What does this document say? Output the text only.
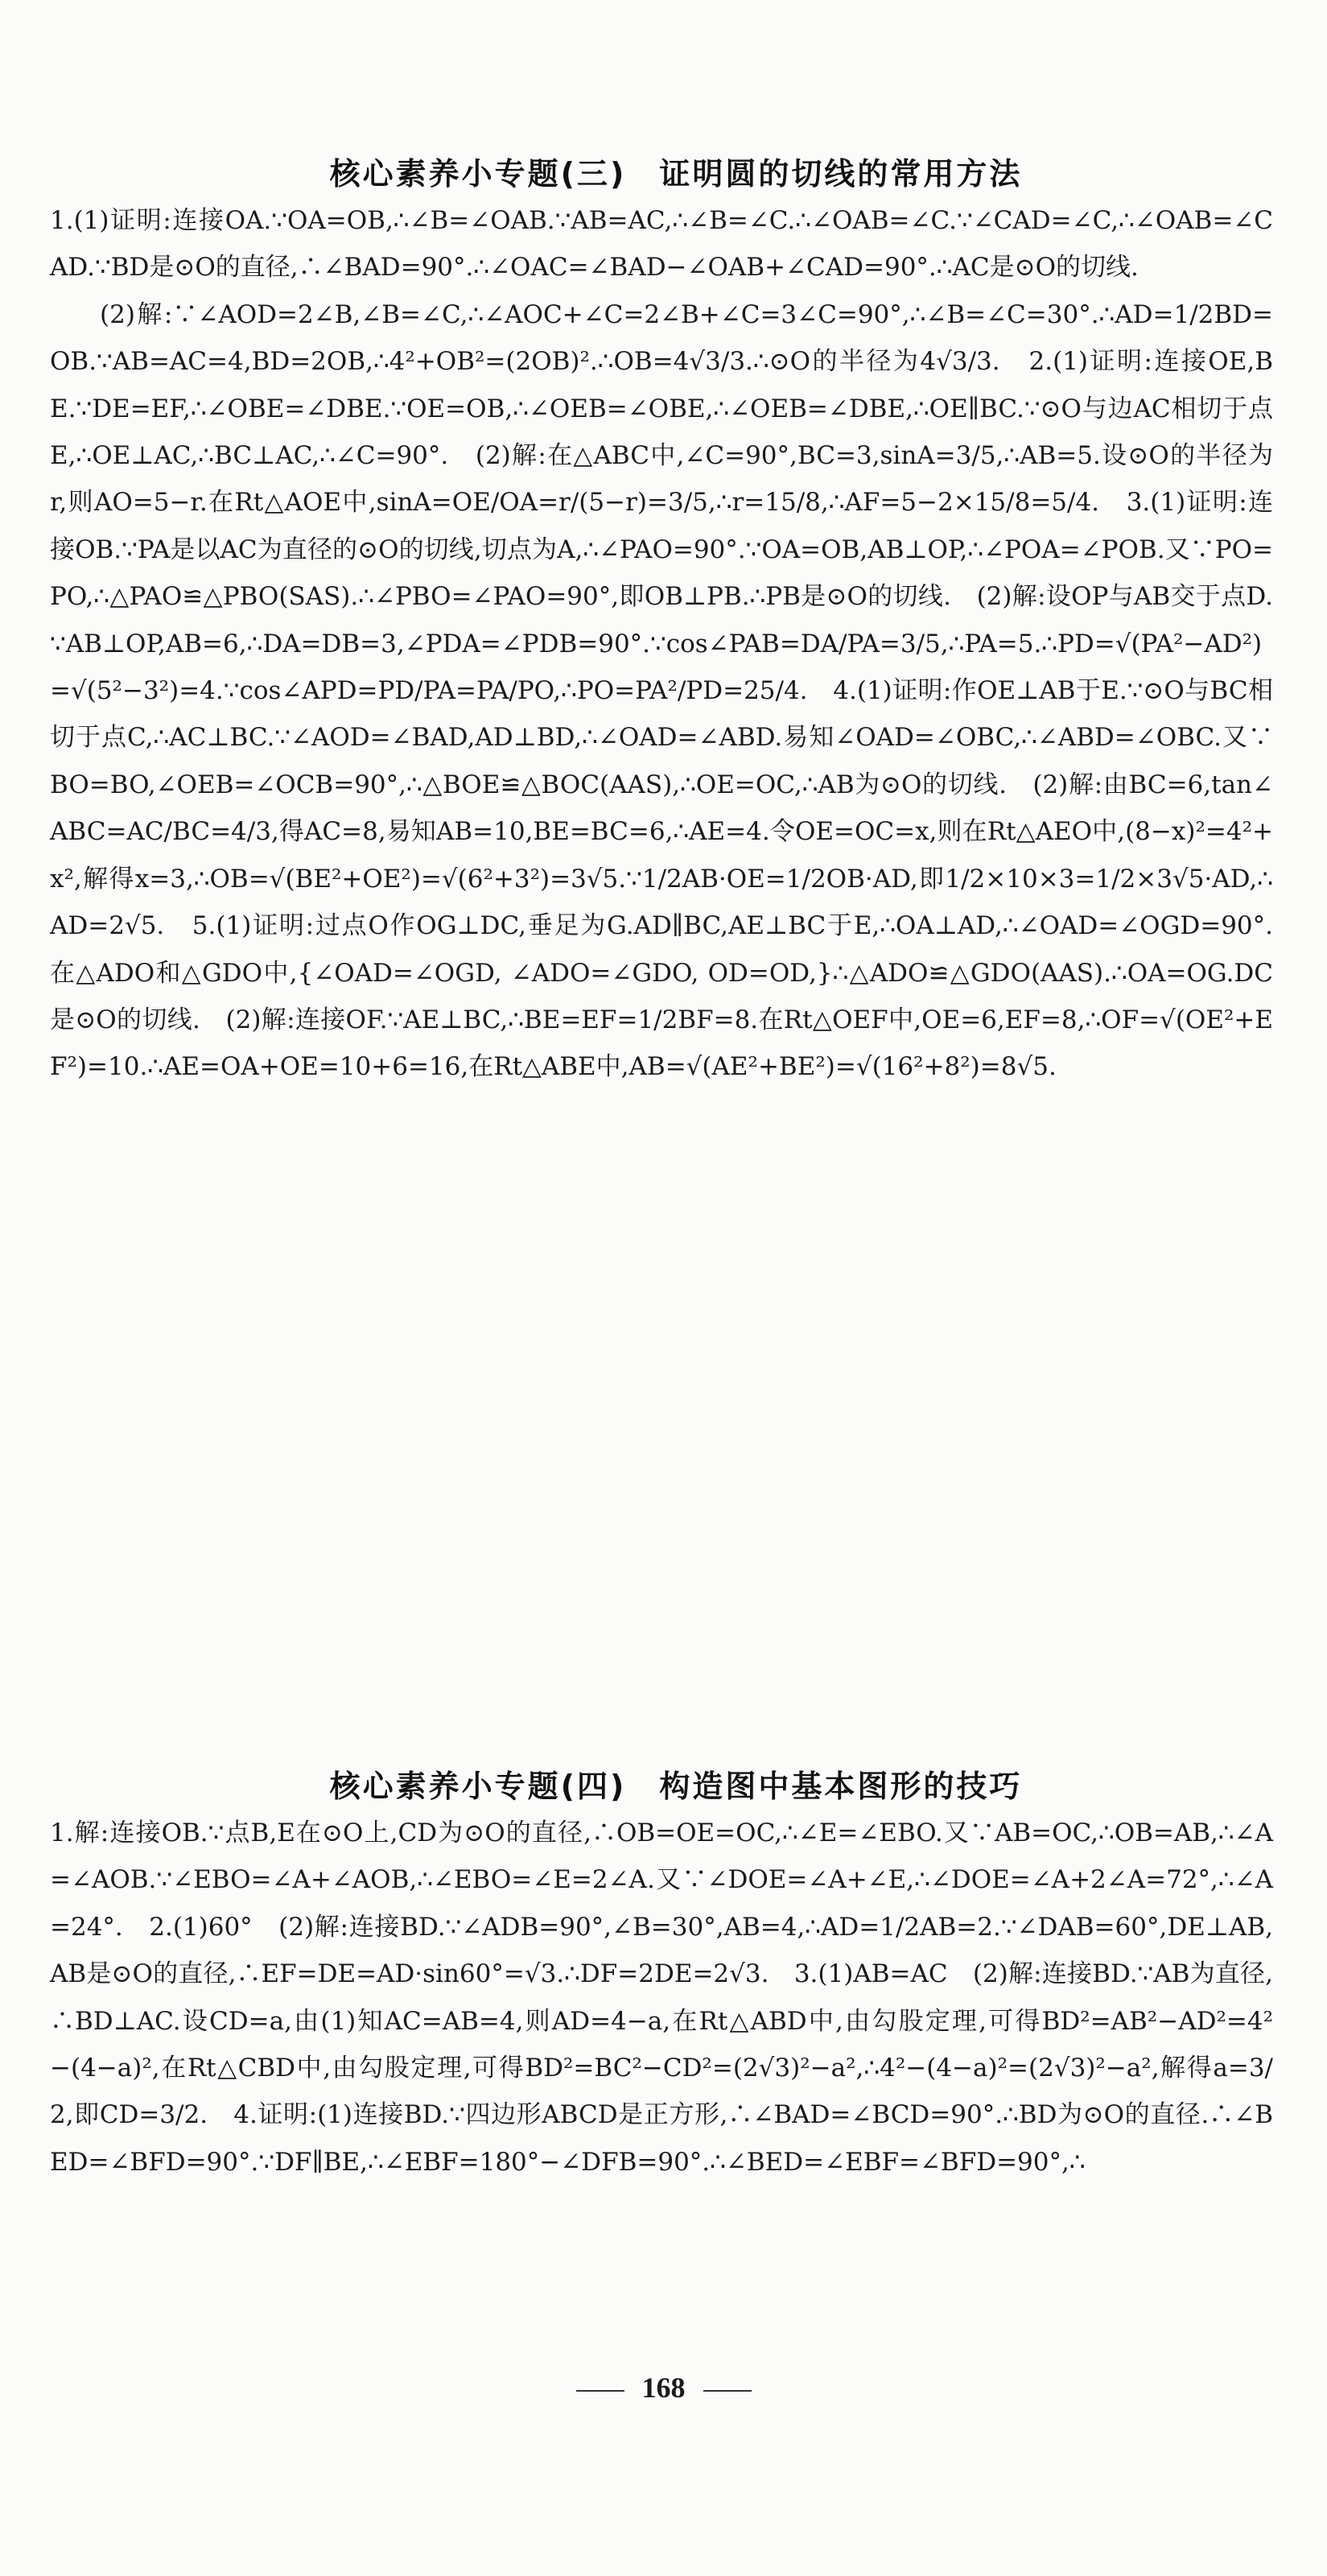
核心素养小专题(三)　证明圆的切线的常用方法

1.(1)证明:连接OA.∵OA=OB,∴∠B=∠OAB.∵AB=AC,∴∠B=∠C.∴∠OAB=∠C.∵∠CAD=∠C,∴∠OAB=∠CAD.∵BD是⊙O的直径,∴∠BAD=90°.∴∠OAC=∠BAD−∠OAB+∠CAD=90°.∴AC是⊙O的切线.

(2)解:∵∠AOD=2∠B,∠B=∠C,∴∠AOC+∠C=2∠B+∠C=3∠C=90°,∴∠B=∠C=30°.∴AD=1/2BD=OB.∵AB=AC=4,BD=2OB,∴4²+OB²=(2OB)².∴OB=4√3/3.∴⊙O的半径为4√3/3.　2.(1)证明:连接OE,BE.∵DE=EF,∴∠OBE=∠DBE.∵OE=OB,∴∠OEB=∠OBE,∴∠OEB=∠DBE,∴OE∥BC.∵⊙O与边AC相切于点E,∴OE⊥AC,∴BC⊥AC,∴∠C=90°.　(2)解:在△ABC中,∠C=90°,BC=3,sinA=3/5,∴AB=5.设⊙O的半径为r,则AO=5−r.在Rt△AOE中,sinA=OE/OA=r/(5−r)=3/5,∴r=15/8,∴AF=5−2×15/8=5/4.　3.(1)证明:连接OB.∵PA是以AC为直径的⊙O的切线,切点为A,∴∠PAO=90°.∵OA=OB,AB⊥OP,∴∠POA=∠POB.又∵PO=PO,∴△PAO≌△PBO(SAS).∴∠PBO=∠PAO=90°,即OB⊥PB.∴PB是⊙O的切线.　(2)解:设OP与AB交于点D.∵AB⊥OP,AB=6,∴DA=DB=3,∠PDA=∠PDB=90°.∵cos∠PAB=DA/PA=3/5,∴PA=5.∴PD=√(PA²−AD²)=√(5²−3²)=4.∵cos∠APD=PD/PA=PA/PO,∴PO=PA²/PD=25/4.　4.(1)证明:作OE⊥AB于E.∵⊙O与BC相切于点C,∴AC⊥BC.∵∠AOD=∠BAD,AD⊥BD,∴∠OAD=∠ABD.易知∠OAD=∠OBC,∴∠ABD=∠OBC.又∵BO=BO,∠OEB=∠OCB=90°,∴△BOE≌△BOC(AAS),∴OE=OC,∴AB为⊙O的切线.　(2)解:由BC=6,tan∠ABC=AC/BC=4/3,得AC=8,易知AB=10,BE=BC=6,∴AE=4.令OE=OC=x,则在Rt△AEO中,(8−x)²=4²+x²,解得x=3,∴OB=√(BE²+OE²)=√(6²+3²)=3√5.∵1/2AB·OE=1/2OB·AD,即1/2×10×3=1/2×3√5·AD,∴AD=2√5.　5.(1)证明:过点O作OG⊥DC,垂足为G.AD∥BC,AE⊥BC于E,∴OA⊥AD,∴∠OAD=∠OGD=90°.在△ADO和△GDO中,{∠OAD=∠OGD, ∠ADO=∠GDO, OD=OD,}∴△ADO≌△GDO(AAS).∴OA=OG.DC是⊙O的切线.　(2)解:连接OF.∵AE⊥BC,∴BE=EF=1/2BF=8.在Rt△OEF中,OE=6,EF=8,∴OF=√(OE²+EF²)=10.∴AE=OA+OE=10+6=16,在Rt△ABE中,AB=√(AE²+BE²)=√(16²+8²)=8√5.

核心素养小专题(四)　构造图中基本图形的技巧

1.解:连接OB.∵点B,E在⊙O上,CD为⊙O的直径,∴OB=OE=OC,∴∠E=∠EBO.又∵AB=OC,∴OB=AB,∴∠A=∠AOB.∵∠EBO=∠A+∠AOB,∴∠EBO=∠E=2∠A.又∵∠DOE=∠A+∠E,∴∠DOE=∠A+2∠A=72°,∴∠A=24°.　2.(1)60°　(2)解:连接BD.∵∠ADB=90°,∠B=30°,AB=4,∴AD=1/2AB=2.∵∠DAB=60°,DE⊥AB,AB是⊙O的直径,∴EF=DE=AD·sin60°=√3.∴DF=2DE=2√3.　3.(1)AB=AC　(2)解:连接BD.∵AB为直径,∴BD⊥AC.设CD=a,由(1)知AC=AB=4,则AD=4−a,在Rt△ABD中,由勾股定理,可得BD²=AB²−AD²=4²−(4−a)²,在Rt△CBD中,由勾股定理,可得BD²=BC²−CD²=(2√3)²−a²,∴4²−(4−a)²=(2√3)²−a²,解得a=3/2,即CD=3/2.　4.证明:(1)连接BD.∵四边形ABCD是正方形,∴∠BAD=∠BCD=90°.∴BD为⊙O的直径.∴∠BED=∠BFD=90°.∵DF∥BE,∴∠EBF=180°−∠DFB=90°.∴∠BED=∠EBF=∠BFD=90°,∴

168
